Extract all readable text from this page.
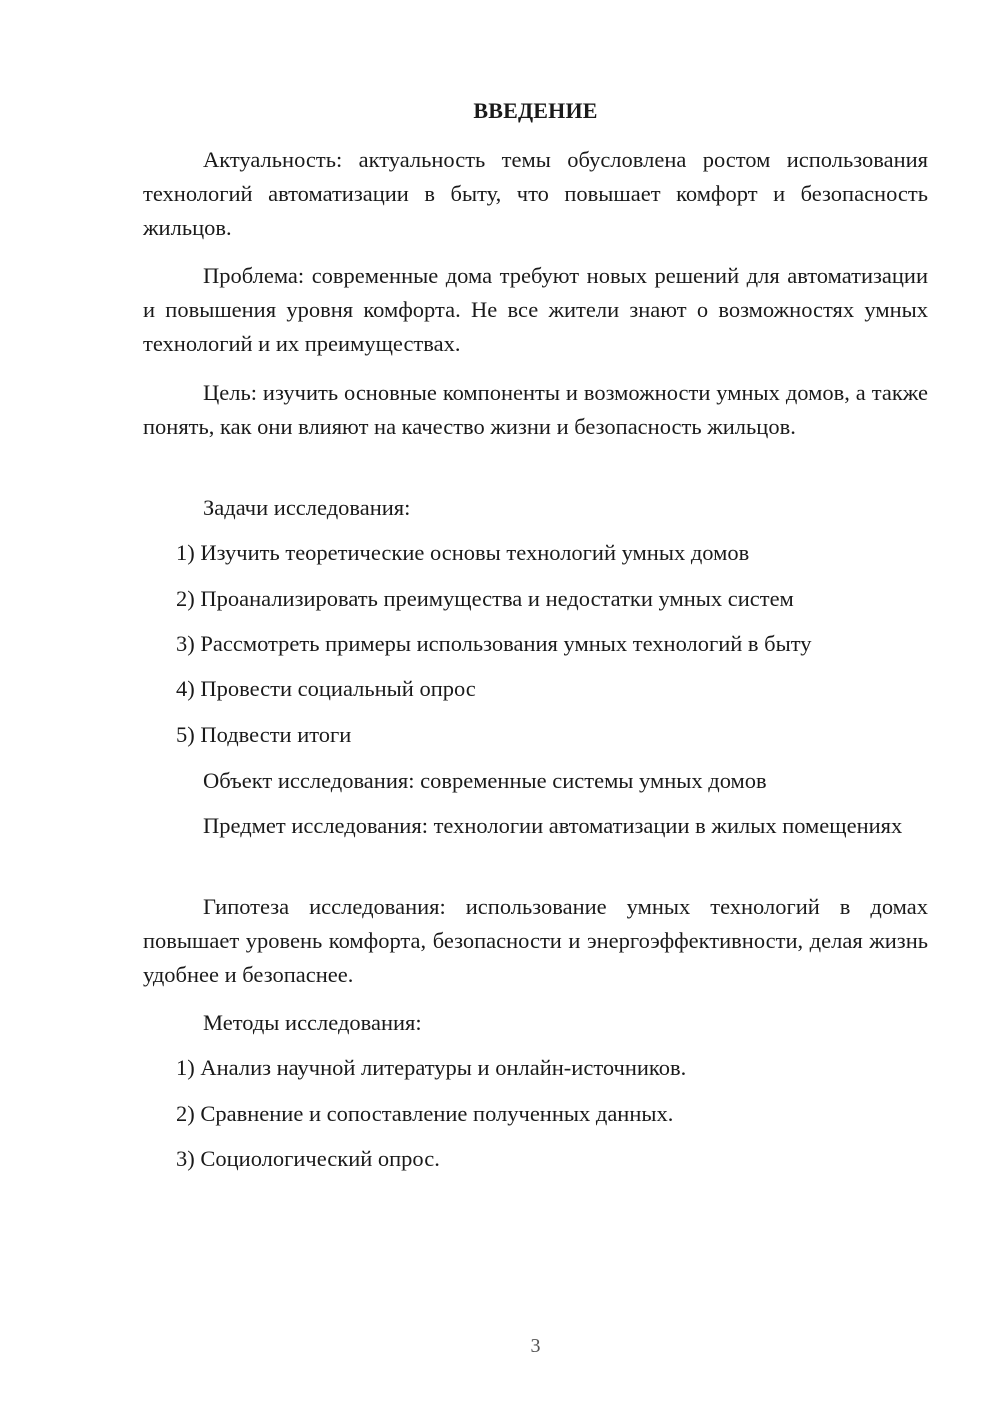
ВВЕДЕНИЕ

Актуальность: актуальность темы обусловлена ростом использования технологий автоматизации в быту, что повышает комфорт и безопасность жильцов.

Проблема: современные дома требуют новых решений для автоматизации и повышения уровня комфорта. Не все жители знают о возможностях умных технологий и их преимуществах.

Цель: изучить основные компоненты и возможности умных домов, а также понять, как они влияют на качество жизни и безопасность жильцов.

Задачи исследования:

1) Изучить теоретические основы технологий умных домов

2) Проанализировать преимущества и недостатки умных систем

3) Рассмотреть примеры использования умных технологий в быту

4) Провести социальный опрос

5) Подвести итоги

Объект исследования: современные системы умных домов

Предмет исследования: технологии автоматизации в жилых помещениях

Гипотеза исследования: использование умных технологий в домах повышает уровень комфорта, безопасности и энергоэффективности, делая жизнь удобнее и безопаснее.

Методы исследования:

1) Анализ научной литературы и онлайн-источников.

2) Сравнение и сопоставление полученных данных.

3) Социологический опрос.

3
